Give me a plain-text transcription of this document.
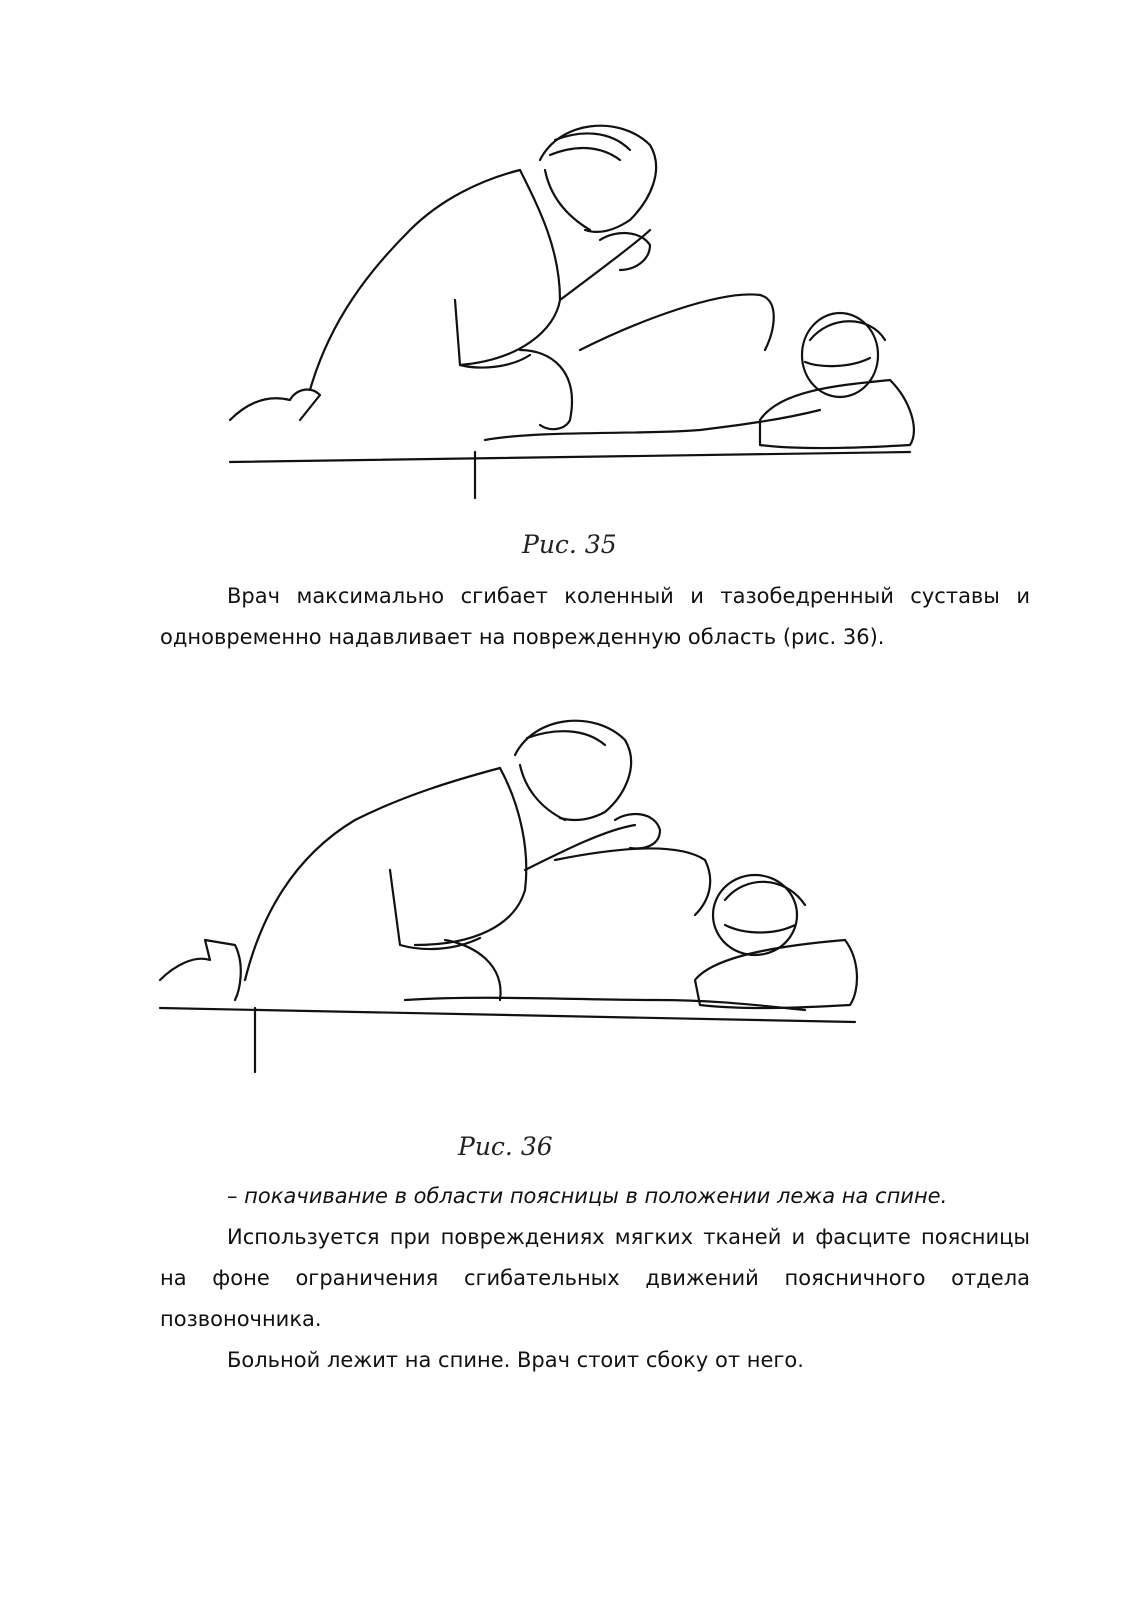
Рис. 35

Врач максимально сгибает коленный и тазобедренный суставы и одновременно надавливает на поврежденную область (рис. 36).

Рис. 36

– покачивание в области поясницы в положении лежа на спине.

Используется при повреждениях мягких тканей и фасците поясницы на фоне ограничения сгибательных движений поясничного отдела позвоночника.

Больной лежит на спине. Врач стоит сбоку от него.
